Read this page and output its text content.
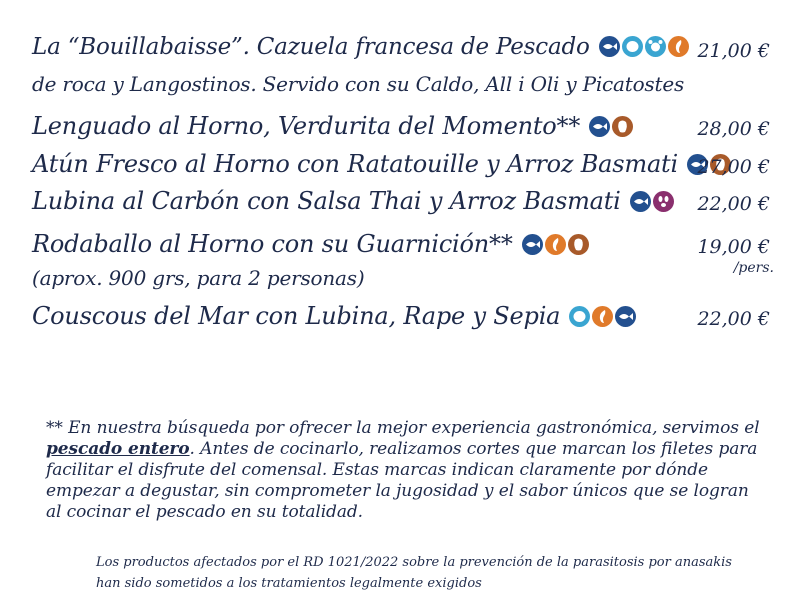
La “Bouillabaisse”. Cazuela francesa de Pescado	21,00 €
de roca y Langostinos. Servido con su Caldo, All i Oli y Picatostes
Lenguado al Horno, Verdurita del Momento**	28,00 €
Atún Fresco al Horno con Ratatouille y Arroz Basmati	27,00 €
Lubina al Carbón con Salsa Thai y Arroz Basmati	22,00 €
Rodaballo al Horno con su Guarnición**	19,00 €
/pers.
(aprox. 900 grs, para 2 personas)
Couscous del Mar con Lubina, Rape y Sepia	22,00 €
** En nuestra búsqueda por ofrecer la mejor experiencia gastronómica, servimos el pescado entero. Antes de cocinarlo, realizamos cortes que marcan los filetes para facilitar el disfrute del comensal. Estas marcas indican claramente por dónde empezar a degustar, sin comprometer la jugosidad y el sabor únicos que se logran al cocinar el pescado en su totalidad.
Los productos afectados por el RD 1021/2022 sobre la prevención de la parasitosis por anasakis
han sido sometidos a los tratamientos legalmente exigidos
